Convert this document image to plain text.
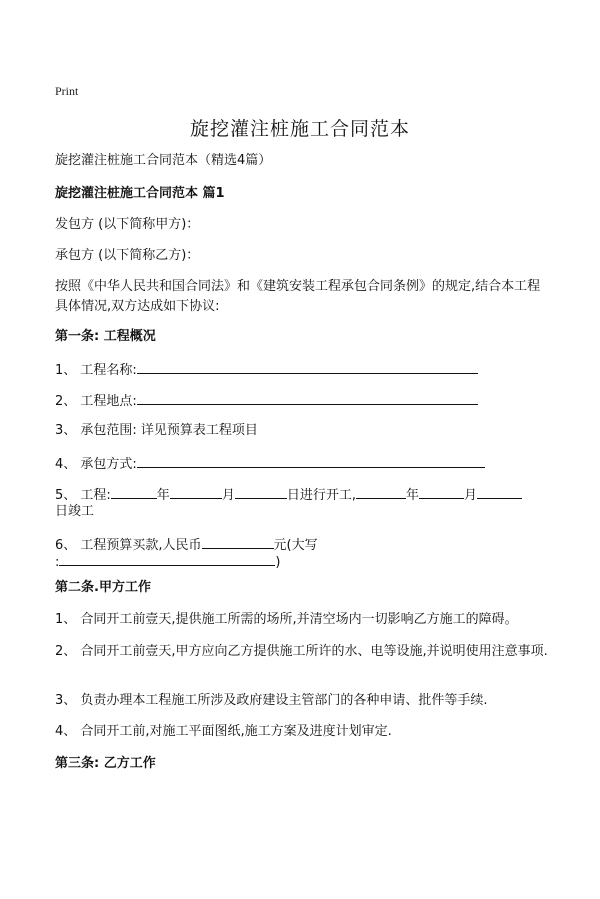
Print
旋挖灌注桩施工合同范本
旋挖灌注桩施工合同范本（精选4篇）
旋挖灌注桩施工合同范本 篇1
发包方 (以下简称甲方)：
承包方 (以下简称乙方)：
按照《中华人民共和国合同法》和《建筑安装工程承包合同条例》的规定,结合本工程具体情况,双方达成如下协议:
第一条: 工程概况
1、 工程名称:
2、 工程地点:
3、 承包范围: 详见预算表工程项目
4、 承包方式:
5、 工程:	年	月	日进行开工,	年	月
日竣工
6、 工程预算买款,人民币	元(大写
:	)
第二条.甲方工作
1、 合同开工前壹天,提供施工所需的场所,并清空场内一切影响乙方施工的障碍。
2、 合同开工前壹天,甲方应向乙方提供施工所许的水、电等设施,并说明使用注意事项.
3、 负责办理本工程施工所涉及政府建设主管部门的各种申请、批件等手续.
4、 合同开工前,对施工平面图纸,施工方案及进度计划审定.
第三条: 乙方工作
